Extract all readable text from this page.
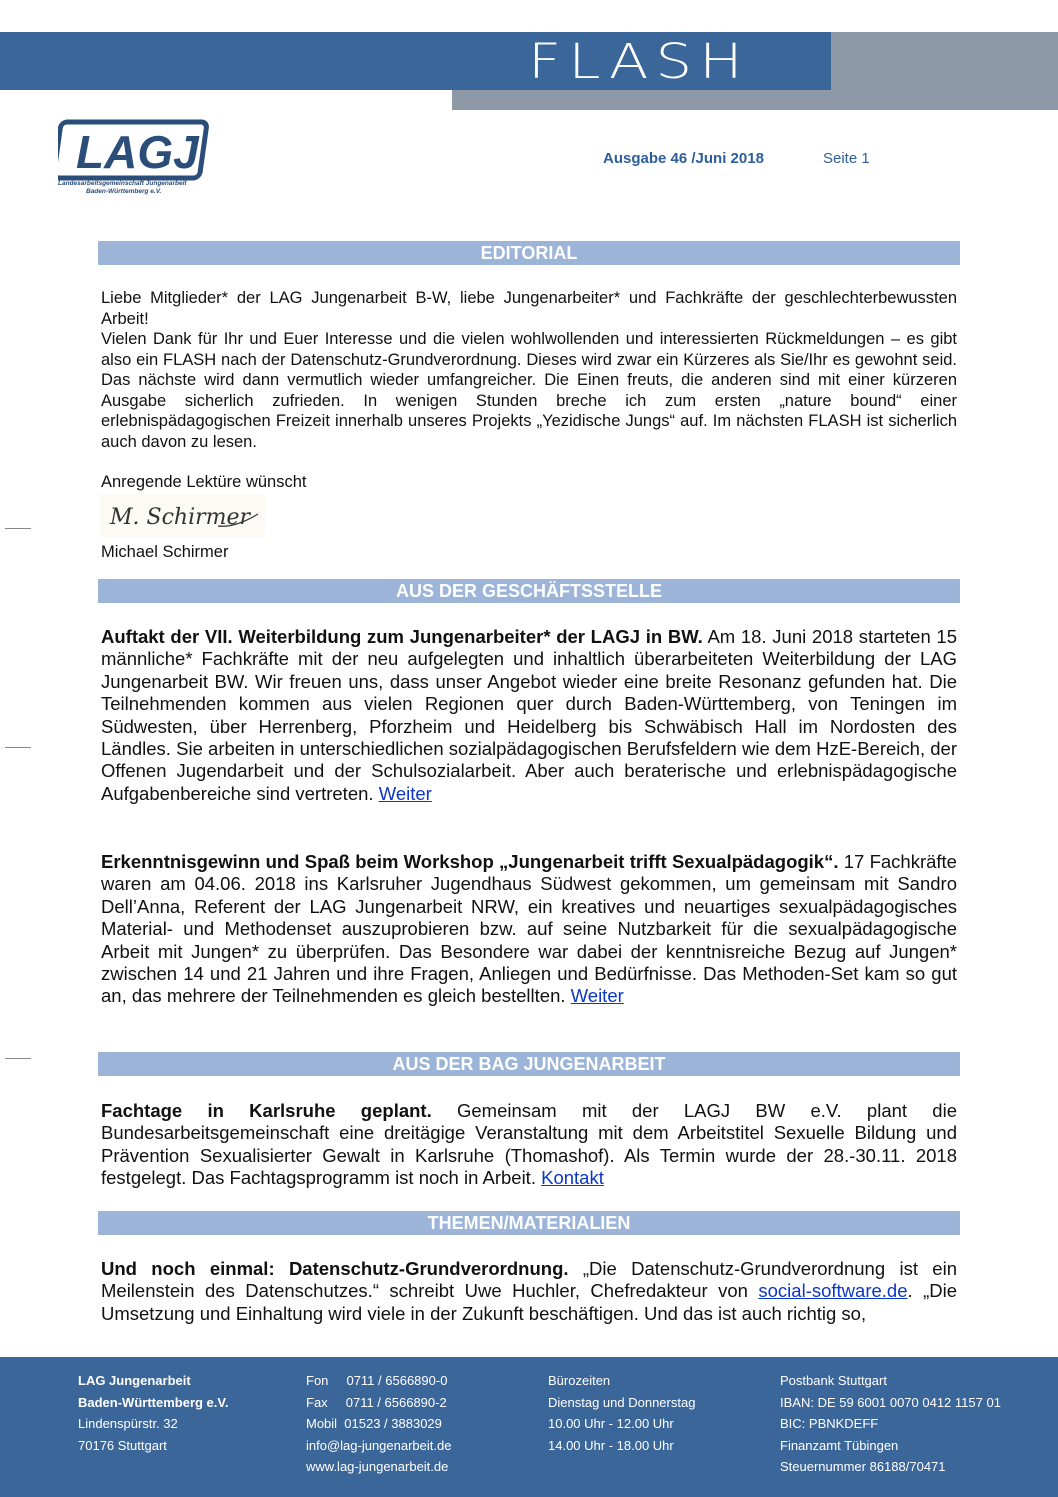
FLASH
LAGJ
Landesarbeitsgemeinschaft Jungenarbeit
Baden-Württemberg e.V.
Ausgabe 46 /Juni 2018	Seite 1
EDITORIAL

Liebe Mitglieder* der LAG Jungenarbeit B-W, liebe Jungenarbeiter* und Fachkräfte der geschlechterbewussten Arbeit!

Vielen Dank für Ihr und Euer Interesse und die vielen wohlwollenden und interessierten Rückmeldungen – es gibt also ein FLASH nach der Datenschutz-Grundverordnung. Dieses wird zwar ein Kürzeres als Sie/Ihr es gewohnt seid. Das nächste wird dann vermutlich wieder umfangreicher. Die Einen freuts, die anderen sind mit einer kürzeren Ausgabe sicherlich zufrieden. In wenigen Stunden breche ich zum ersten „nature bound“ einer erlebnispädagogischen Freizeit innerhalb unseres Projekts „Yezidische Jungs“ auf. Im nächsten FLASH ist sicherlich auch davon zu lesen.

Anregende Lektüre wünscht

M. Schirmer

Michael Schirmer

AUS DER GESCHÄFTSSTELLE

Auftakt der VII. Weiterbildung zum Jungenarbeiter* der LAGJ in BW. Am 18. Juni 2018 starteten 15 männliche* Fachkräfte mit der neu aufgelegten und inhaltlich überarbeiteten Weiterbildung der LAG Jungenarbeit BW. Wir freuen uns, dass unser Angebot wieder eine breite Resonanz gefunden hat. Die Teilnehmenden kommen aus vielen Regionen quer durch Baden-Württemberg, von Teningen im Südwesten, über Herrenberg, Pforzheim und Heidelberg bis Schwäbisch Hall im Nordosten des Ländles. Sie arbeiten in unterschiedlichen sozialpädagogischen Berufsfeldern wie dem HzE-Bereich, der Offenen Jugendarbeit und der Schulsozialarbeit. Aber auch beraterische und erlebnispädagogische Aufgabenbereiche sind vertreten. Weiter

Erkenntnisgewinn und Spaß beim Workshop „Jungenarbeit trifft Sexualpädagogik“. 17 Fachkräfte waren am 04.06. 2018 ins Karlsruher Jugendhaus Südwest gekommen, um gemeinsam mit Sandro Dell’Anna, Referent der LAG Jungenarbeit NRW, ein kreatives und neuartiges sexualpädagogisches Material- und Methodenset auszuprobieren bzw. auf seine Nutzbarkeit für die sexualpädagogische Arbeit mit Jungen* zu überprüfen. Das Besondere war dabei der kenntnisreiche Bezug auf Jungen* zwischen 14 und 21 Jahren und ihre Fragen, Anliegen und Bedürfnisse. Das Methoden-Set kam so gut an, das mehrere der Teilnehmenden es gleich bestellten. Weiter

AUS DER BAG JUNGENARBEIT

Fachtage in Karlsruhe geplant. Gemeinsam mit der LAGJ BW e.V. plant die Bundesarbeitsgemeinschaft eine dreitägige Veranstaltung mit dem Arbeitstitel Sexuelle Bildung und Prävention Sexualisierter Gewalt in Karlsruhe (Thomashof). Als Termin wurde der 28.-30.11. 2018 festgelegt. Das Fachtagsprogramm ist noch in Arbeit. Kontakt

THEMEN/MATERIALIEN

Und noch einmal: Datenschutz-Grundverordnung. „Die Datenschutz-Grundverordnung ist ein Meilenstein des Datenschutzes.“ schreibt Uwe Huchler, Chefredakteur von social-software.de. „Die Umsetzung und Einhaltung wird viele in der Zukunft beschäftigen. Und das ist auch richtig so,

LAG Jungenarbeit
Baden-Württemberg e.V.
Lindenspürstr. 32
70176 Stuttgart
Fon     0711 / 6566890-0
Fax     0711 / 6566890-2
Mobil  01523 / 3883029
info@lag-jungenarbeit.de
www.lag-jungenarbeit.de
Bürozeiten
Dienstag und Donnerstag
10.00 Uhr - 12.00 Uhr
14.00 Uhr - 18.00 Uhr
Postbank Stuttgart
IBAN: DE 59 6001 0070 0412 1157 01
BIC: PBNKDEFF
Finanzamt Tübingen
Steuernummer 86188/70471
